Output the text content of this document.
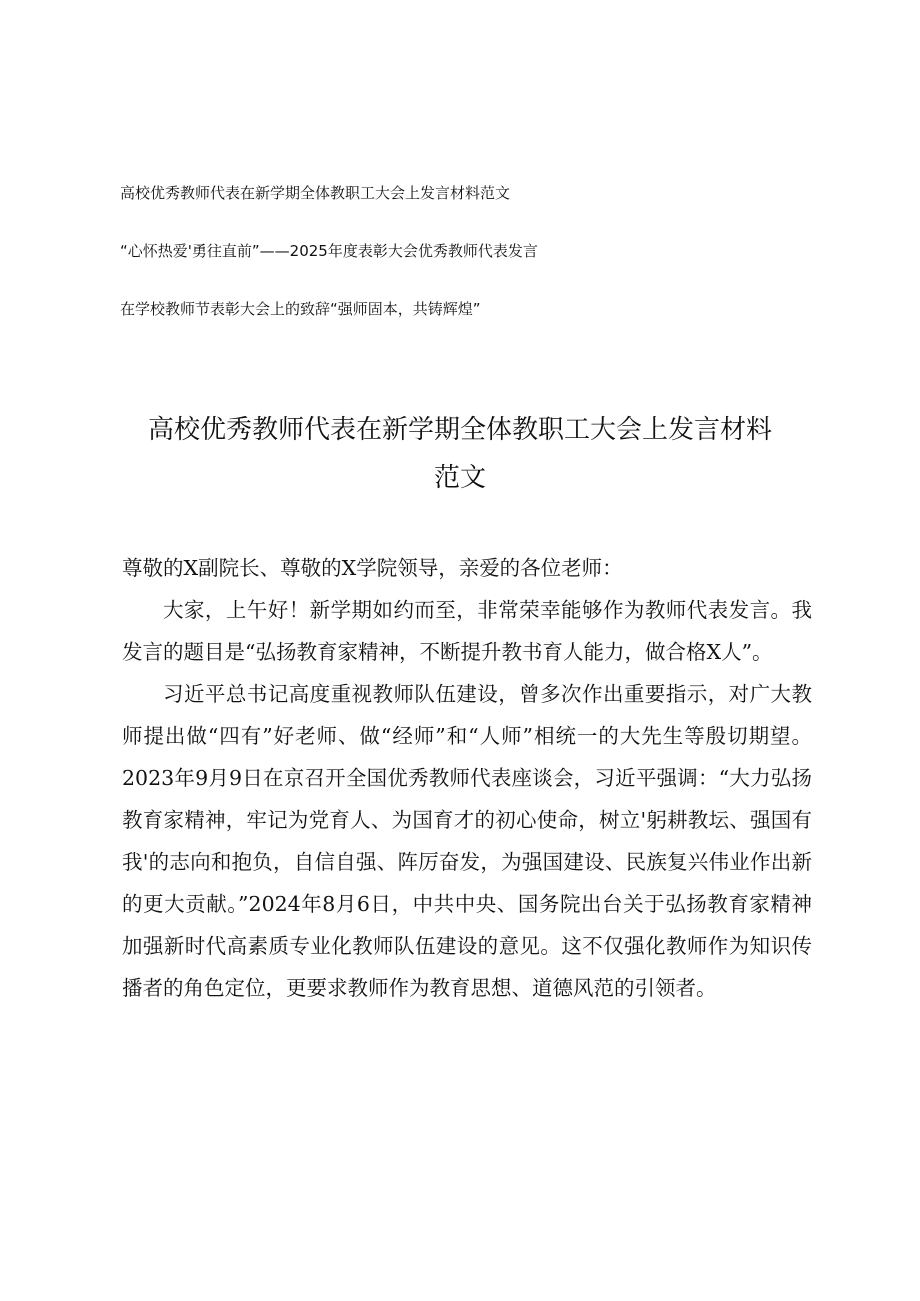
高校优秀教师代表在新学期全体教职工大会上发言材料范文
“心怀热爱'勇往直前”——2025年度表彰大会优秀教师代表发言
在学校教师节表彰大会上的致辞“强师固本，共铸辉煌”
高校优秀教师代表在新学期全体教职工大会上发言材料
范文

尊敬的X副院长、尊敬的X学院领导，亲爱的各位老师：

大家，上午好！新学期如约而至，非常荣幸能够作为教师代表发言。我发言的题目是“弘扬教育家精神，不断提升教书育人能力，做合格X人”。

习近平总书记高度重视教师队伍建设，曾多次作出重要指示，对广大教师提出做“四有”好老师、做“经师”和“人师”相统一的大先生等殷切期望。2023年9月9日在京召开全国优秀教师代表座谈会，习近平强调：“大力弘扬教育家精神，牢记为党育人、为国育才的初心使命，树立'躬耕教坛、强国有我'的志向和抱负，自信自强、阵厉奋发，为强国建设、民族复兴伟业作出新的更大贡献。”2024年8月6日，中共中央、国务院出台关于弘扬教育家精神加强新时代高素质专业化教师队伍建设的意见。这不仅强化教师作为知识传播者的角色定位，更要求教师作为教育思想、道德风范的引领者。
